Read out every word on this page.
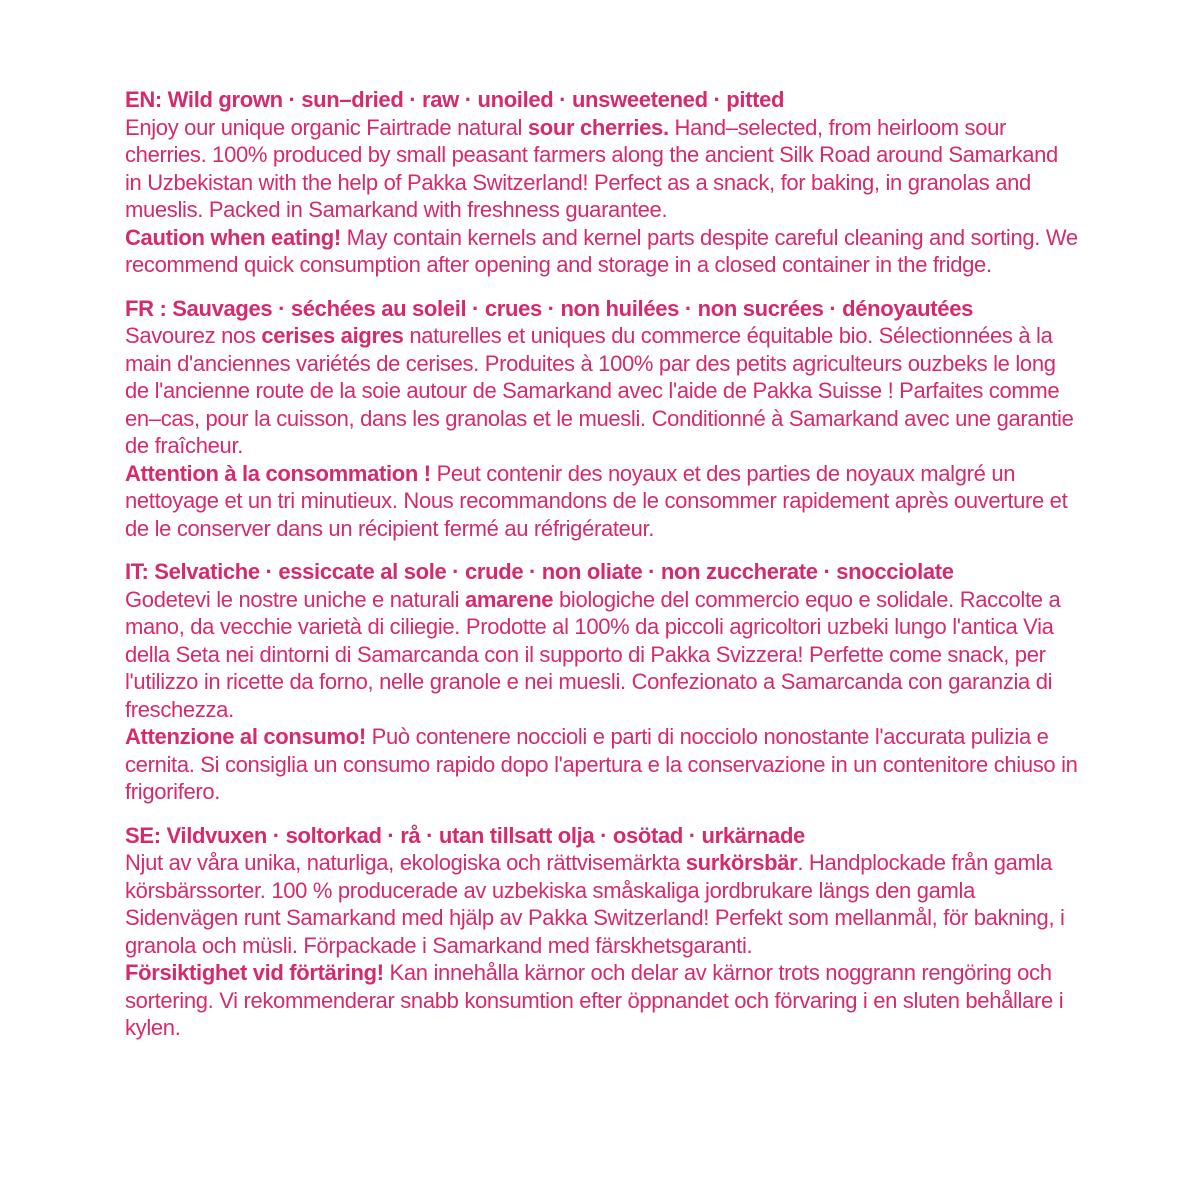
EN: Wild grown · sun–dried · raw · unoiled · unsweetened · pitted

Enjoy our unique organic Fairtrade natural sour cherries. Hand–selected, from heirloom sour cherries. 100% produced by small peasant farmers along the ancient Silk Road around Samarkand in Uzbekistan with the help of Pakka Switzerland! Perfect as a snack, for baking, in granolas and mueslis. Packed in Samarkand with freshness guarantee.

Caution when eating! May contain kernels and kernel parts despite careful cleaning and sorting. We recommend quick consumption after opening and storage in a closed container in the fridge.

FR : Sauvages · séchées au soleil · crues · non huilées · non sucrées · dénoyautées

Savourez nos cerises aigres naturelles et uniques du commerce équitable bio. Sélectionnées à la main d'anciennes variétés de cerises. Produites à 100% par des petits agriculteurs ouzbeks le long de l'ancienne route de la soie autour de Samarkand avec l'aide de Pakka Suisse ! Parfaites comme en–cas, pour la cuisson, dans les granolas et le muesli. Conditionné à Samarkand avec une garantie de fraîcheur.

Attention à la consommation ! Peut contenir des noyaux et des parties de noyaux malgré un nettoyage et un tri minutieux. Nous recommandons de le consommer rapidement après ouverture et de le conserver dans un récipient fermé au réfrigérateur.

IT: Selvatiche · essiccate al sole · crude · non oliate · non zuccherate · snocciolate

Godetevi le nostre uniche e naturali amarene biologiche del commercio equo e solidale. Raccolte a mano, da vecchie varietà di ciliegie. Prodotte al 100% da piccoli agricoltori uzbeki lungo l'antica Via della Seta nei dintorni di Samarcanda con il supporto di Pakka Svizzera! Perfette come snack, per l'utilizzo in ricette da forno, nelle granole e nei muesli. Confezionato a Samarcanda con garanzia di freschezza.

Attenzione al consumo! Può contenere noccioli e parti di nocciolo nonostante l'accurata pulizia e cernita. Si consiglia un consumo rapido dopo l'apertura e la conservazione in un contenitore chiuso in frigorifero.

SE: Vildvuxen · soltorkad · rå · utan tillsatt olja · osötad · urkärnade

Njut av våra unika, naturliga, ekologiska och rättvisemärkta surkörsbär. Handplockade från gamla körsbärssorter. 100 % producerade av uzbekiska småskaliga jordbrukare längs den gamla Sidenvägen runt Samarkand med hjälp av Pakka Switzerland! Perfekt som mellanmål, för bakning, i granola och müsli. Förpackade i Samarkand med färskhetsgaranti.

Försiktighet vid förtäring! Kan innehålla kärnor och delar av kärnor trots noggrann rengöring och sortering. Vi rekommenderar snabb konsumtion efter öppnandet och förvaring i en sluten behållare i kylen.
